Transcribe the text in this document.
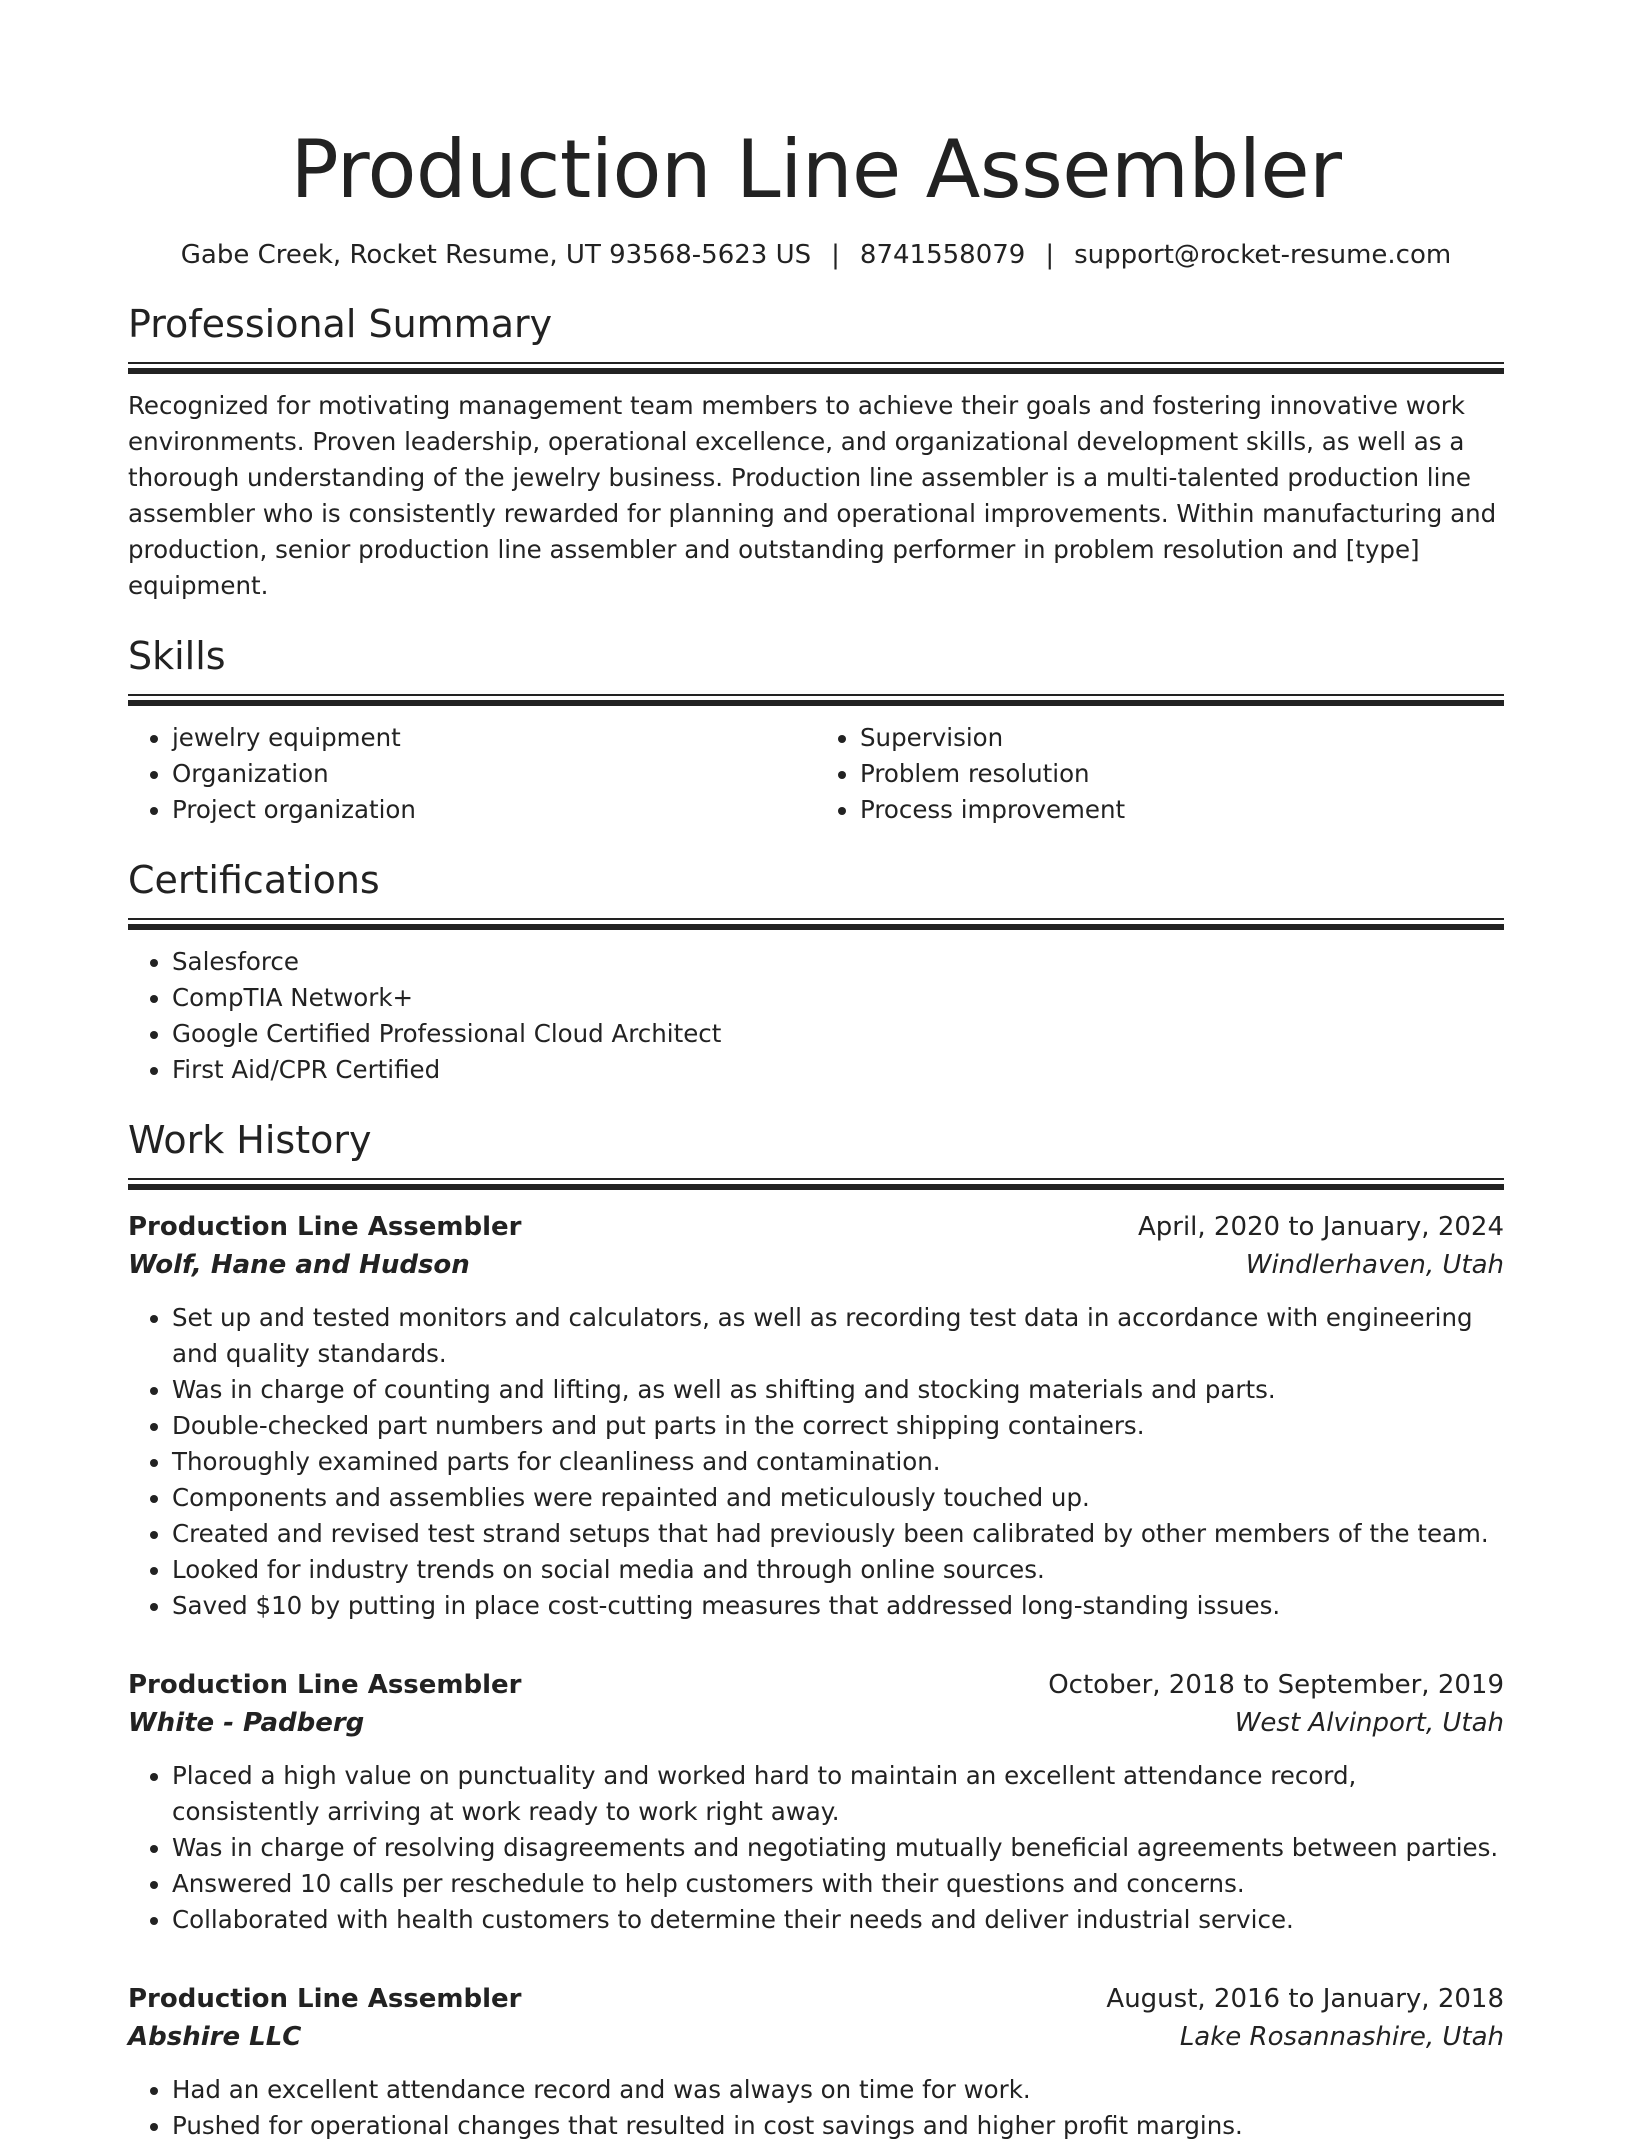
Production Line Assembler
Gabe Creek, Rocket Resume, UT 93568-5623 US | 8741558079 | support@rocket-resume.com
Professional Summary
Recognized for motivating management team members to achieve their goals and fostering innovative work environments. Proven leadership, operational excellence, and organizational development skills, as well as a thorough understanding of the jewelry business. Production line assembler is a multi-talented production line assembler who is consistently rewarded for planning and operational improvements. Within manufacturing and production, senior production line assembler and outstanding performer in problem resolution and [type] equipment.
Skills
• jewelry equipment
• Organization
• Project organization
• Supervision
• Problem resolution
• Process improvement
Certifications
• Salesforce
• CompTIA Network+
• Google Certified Professional Cloud Architect
• First Aid/CPR Certified
Work History
Production Line Assembler	April, 2020 to January, 2024
Wolf, Hane and Hudson	Windlerhaven, Utah
• Set up and tested monitors and calculators, as well as recording test data in accordance with engineering and quality standards.
• Was in charge of counting and lifting, as well as shifting and stocking materials and parts.
• Double-checked part numbers and put parts in the correct shipping containers.
• Thoroughly examined parts for cleanliness and contamination.
• Components and assemblies were repainted and meticulously touched up.
• Created and revised test strand setups that had previously been calibrated by other members of the team.
• Looked for industry trends on social media and through online sources.
• Saved $10 by putting in place cost-cutting measures that addressed long-standing issues.
Production Line Assembler	October, 2018 to September, 2019
White - Padberg	West Alvinport, Utah
• Placed a high value on punctuality and worked hard to maintain an excellent attendance record, consistently arriving at work ready to work right away.
• Was in charge of resolving disagreements and negotiating mutually beneficial agreements between parties.
• Answered 10 calls per reschedule to help customers with their questions and concerns.
• Collaborated with health customers to determine their needs and deliver industrial service.
Production Line Assembler	August, 2016 to January, 2018
Abshire LLC	Lake Rosannashire, Utah
• Had an excellent attendance record and was always on time for work.
• Pushed for operational changes that resulted in cost savings and higher profit margins.
